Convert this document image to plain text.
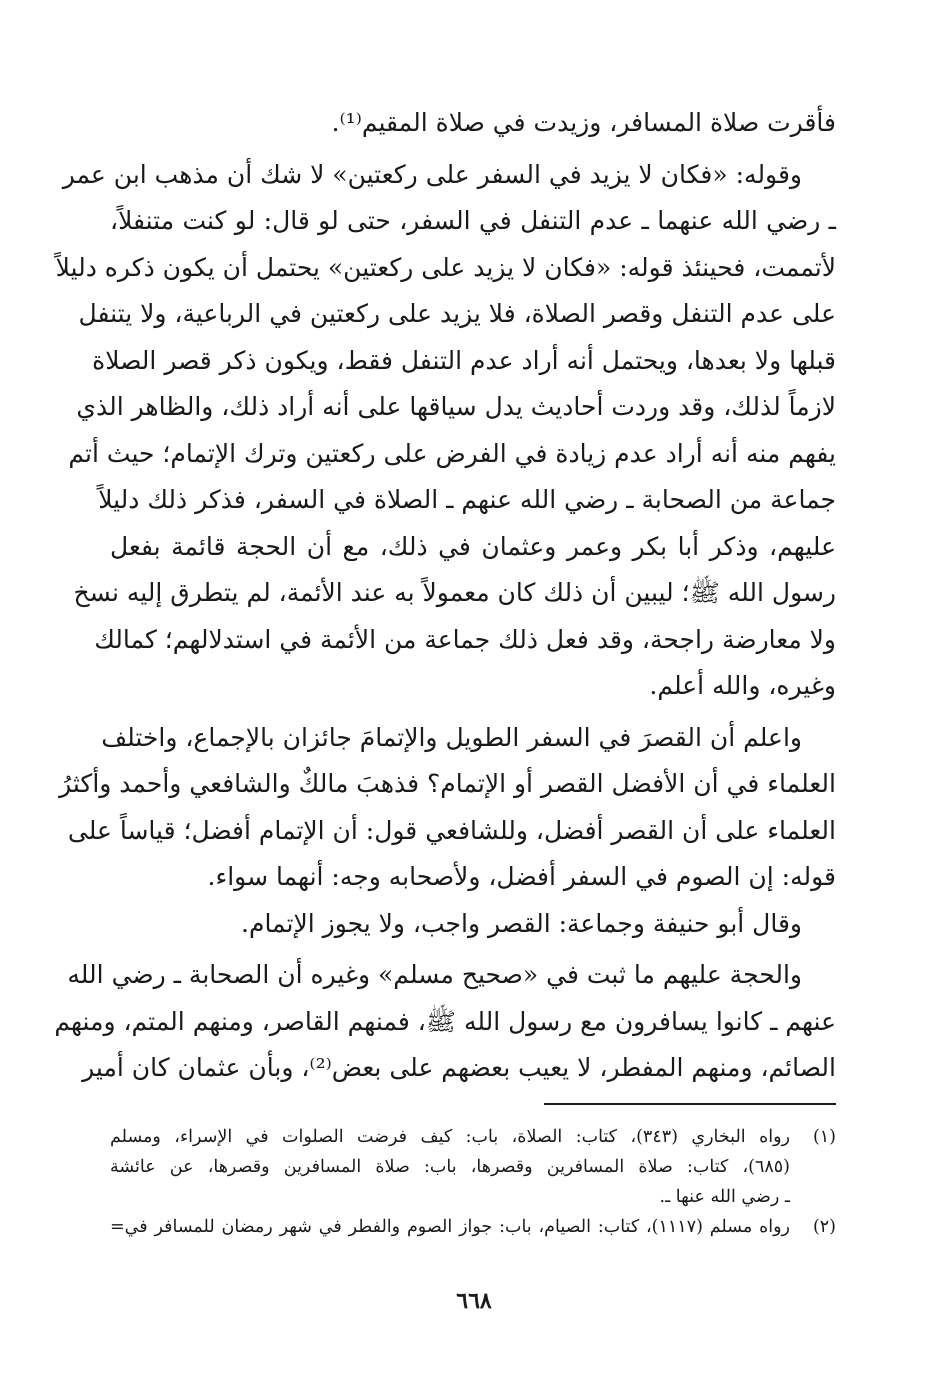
فأقرت صلاة المسافر، وزيدت في صلاة المقيم⁽¹⁾.
وقوله: «فكان لا يزيد في السفر على ركعتين» لا شك أن مذهب ابن عمر
ـ رضي الله عنهما ـ عدم التنفل في السفر، حتى لو قال: لو كنت متنفلاً،
لأتممت، فحينئذ قوله: «فكان لا يزيد على ركعتين» يحتمل أن يكون ذكره دليلاً
على عدم التنفل وقصر الصلاة، فلا يزيد على ركعتين في الرباعية، ولا يتنفل
قبلها ولا بعدها، ويحتمل أنه أراد عدم التنفل فقط، ويكون ذكر قصر الصلاة
لازماً لذلك، وقد وردت أحاديث يدل سياقها على أنه أراد ذلك، والظاهر الذي
يفهم منه أنه أراد عدم زيادة في الفرض على ركعتين وترك الإتمام؛ حيث أتم
جماعة من الصحابة ـ رضي الله عنهم ـ الصلاة في السفر، فذكر ذلك دليلاً
عليهم، وذكر أبا بكر وعمر وعثمان في ذلك، مع أن الحجة قائمة بفعل
رسول الله ﷺ؛ ليبين أن ذلك كان معمولاً به عند الأئمة، لم يتطرق إليه نسخ
ولا معارضة راجحة، وقد فعل ذلك جماعة من الأئمة في استدلالهم؛ كمالك
وغيره، والله أعلم.
واعلم أن القصرَ في السفر الطويل والإتمامَ جائزان بالإجماع، واختلف
العلماء في أن الأفضل القصر أو الإتمام؟ فذهبَ مالكٌ والشافعي وأحمد وأكثرُ
العلماء على أن القصر أفضل، وللشافعي قول: أن الإتمام أفضل؛ قياساً على
قوله: إن الصوم في السفر أفضل، ولأصحابه وجه: أنهما سواء.
وقال أبو حنيفة وجماعة: القصر واجب، ولا يجوز الإتمام.
والحجة عليهم ما ثبت في «صحيح مسلم» وغيره أن الصحابة ـ رضي الله
عنهم ـ كانوا يسافرون مع رسول الله ﷺ، فمنهم القاصر، ومنهم المتم، ومنهم
الصائم، ومنهم المفطر، لا يعيب بعضهم على بعض⁽²⁾، وبأن عثمان كان أمير
(١)
رواه البخاري (٣٤٣)، كتاب: الصلاة، باب: كيف فرضت الصلوات في الإسراء، ومسلم
(٦٨٥)، كتاب: صلاة المسافرين وقصرها، باب: صلاة المسافرين وقصرها، عن عائشة
ـ رضي الله عنها ـ.
(٢)
رواه مسلم (١١١٧)، كتاب: الصيام، باب: جواز الصوم والفطر في شهر رمضان للمسافر في=
٦٦٨
